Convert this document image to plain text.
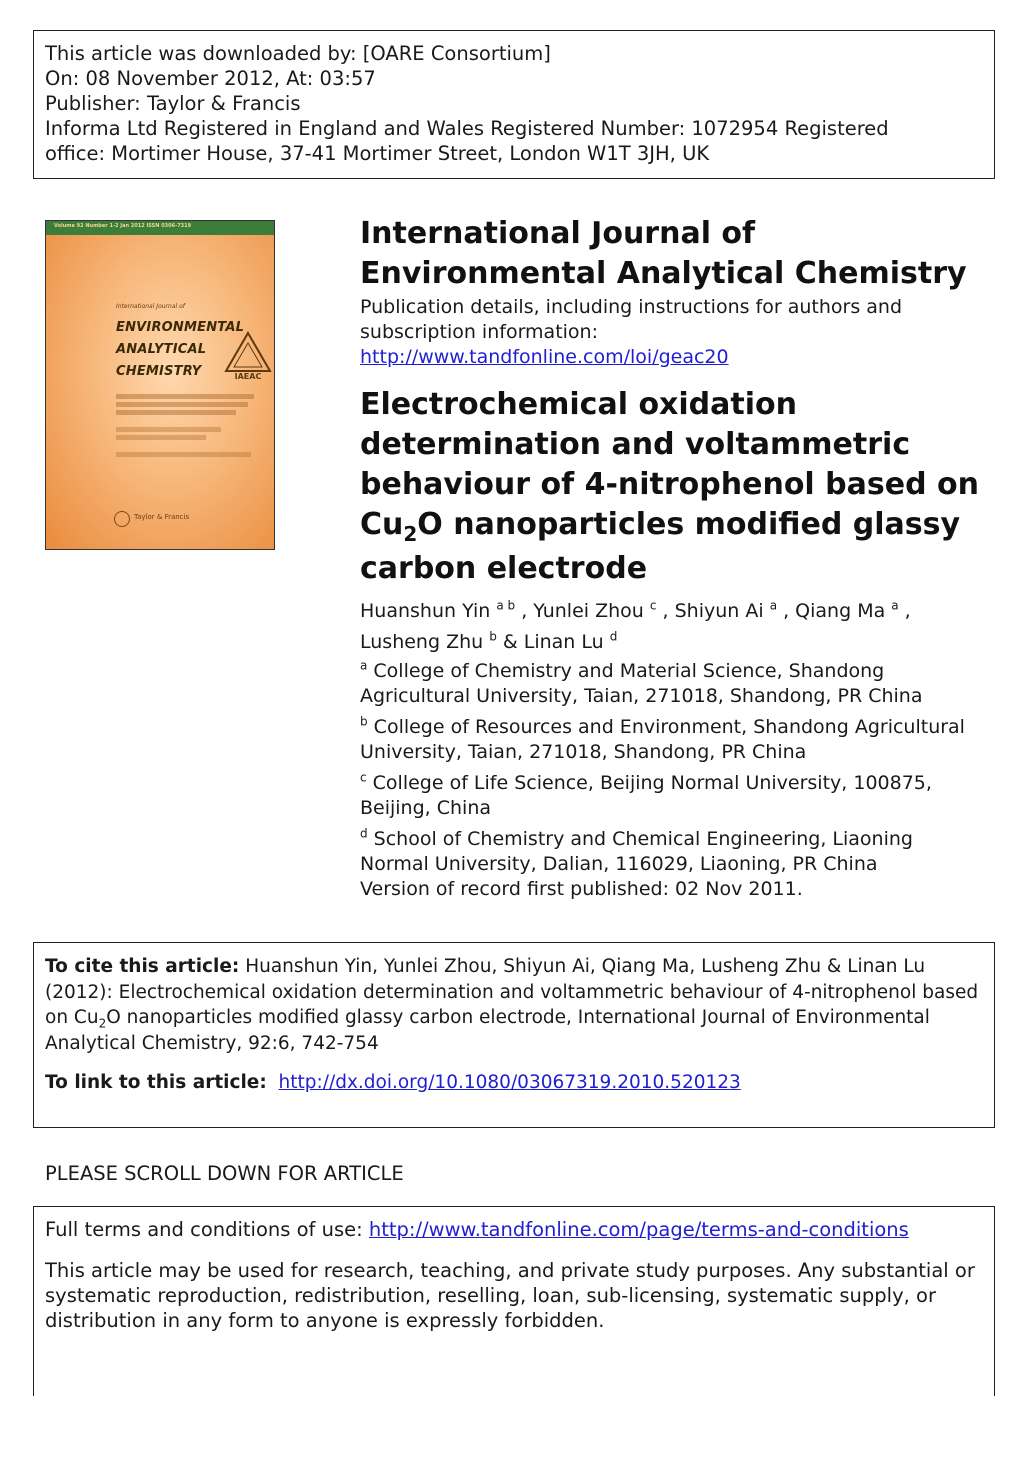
This article was downloaded by: [OARE Consortium]
On: 08 November 2012, At: 03:57
Publisher: Taylor & Francis
Informa Ltd Registered in England and Wales Registered Number: 1072954 Registered
office: Mortimer House, 37-41 Mortimer Street, London W1T 3JH, UK
Volume 92 Number 1-2 Jan 2012 ISSN 0306-7319
International Journal of
ENVIRONMENTAL
ANALYTICAL
CHEMISTRY	IAEAC
Taylor & Francis
International Journal of Environmental Analytical Chemistry
Publication details, including instructions for authors and subscription information:
http://www.tandfonline.com/loi/geac20
Electrochemical oxidation determination and voltammetric behaviour of 4-nitrophenol based on $Cu_2O$ nanoparticles modified glassy
carbon electrode
Huanshun Yin $^{a b}$ , Yunlei Zhou $^c$ , Shiyun Ai $^a$ , Qiang Ma $^a$ ,
Lusheng Zhu $^b$ & Linan Lu $^d$
$^a$ College of Chemistry and Material Science, Shandong Agricultural University, Taian, 271018, Shandong, PR China
$^b$ College of Resources and Environment, Shandong Agricultural University, Taian, 271018, Shandong, PR China
$^c$ College of Life Science, Beijing Normal University, 100875, Beijing, China
$^d$ School of Chemistry and Chemical Engineering, Liaoning Normal University, Dalian, 116029, Liaoning, PR China
Version of record first published: 02 Nov 2011.
To cite this article: Huanshun Yin, Yunlei Zhou, Shiyun Ai, Qiang Ma, Lusheng Zhu & Linan Lu (2012): Electrochemical oxidation determination and voltammetric behaviour of 4-nitrophenol based on $Cu_2O$ nanoparticles modified glassy carbon electrode, International Journal of Environmental Analytical Chemistry, 92:6, 742-754
To link to this article: http://dx.doi.org/10.1080/03067319.2010.520123
PLEASE SCROLL DOWN FOR ARTICLE

Full terms and conditions of use: http://www.tandfonline.com/page/terms-and-conditions

This article may be used for research, teaching, and private study purposes. Any substantial or systematic reproduction, redistribution, reselling, loan, sub-licensing, systematic supply, or distribution in any form to anyone is expressly forbidden.
